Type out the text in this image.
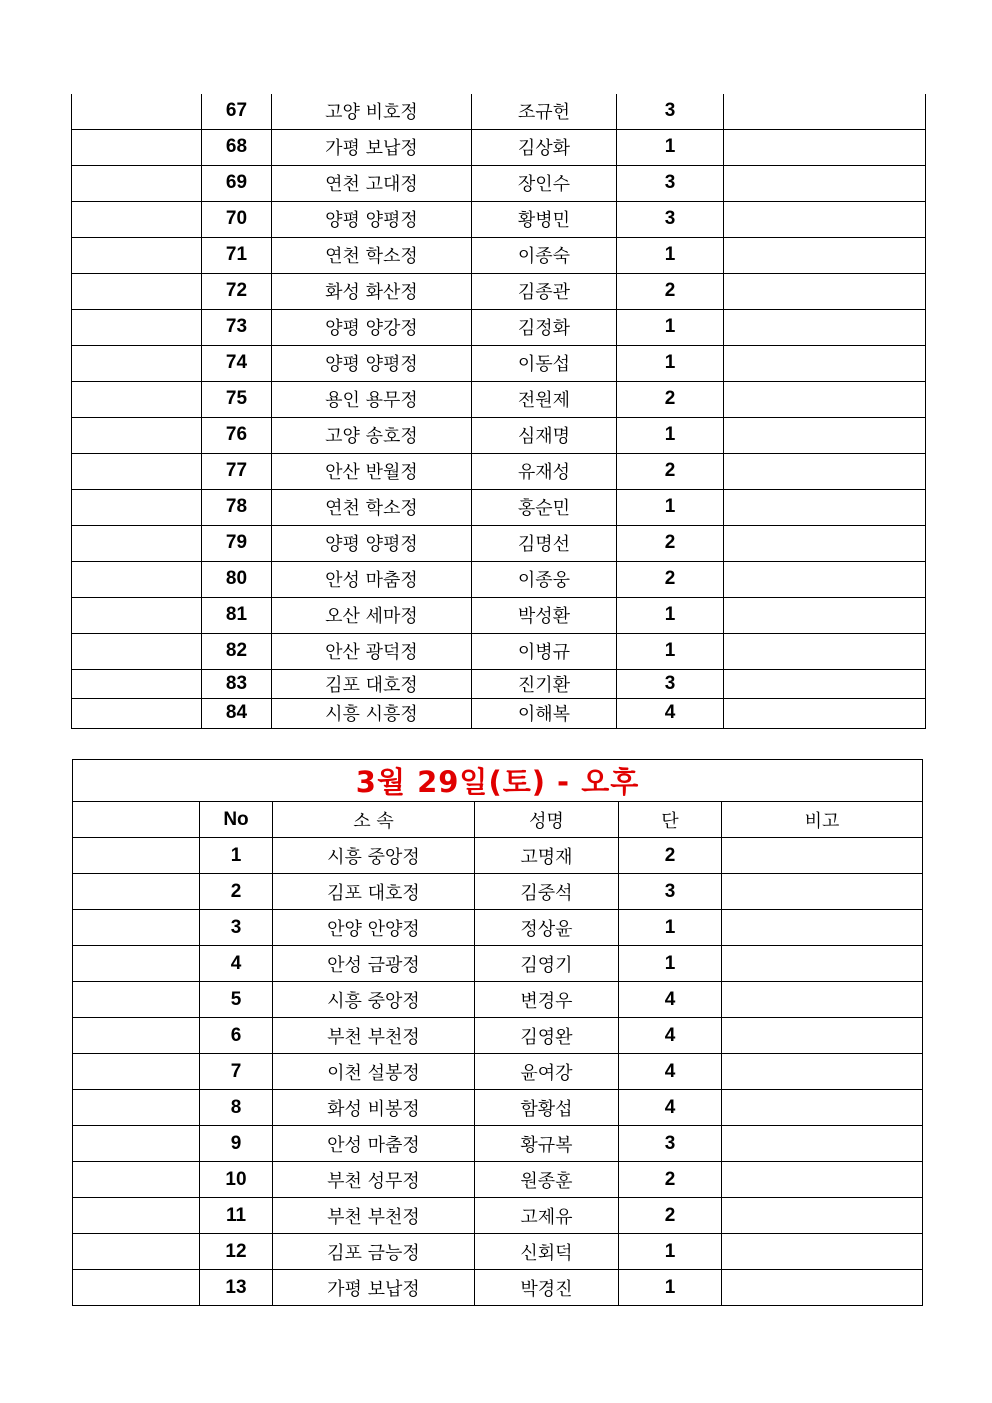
	67	고양 비호정	조규헌	3	
	68	가평 보납정	김상화	1	
	69	연천 고대정	장인수	3	
	70	양평 양평정	황병민	3	
	71	연천 학소정	이종숙	1	
	72	화성 화산정	김종관	2	
	73	양평 양강정	김정화	1	
	74	양평 양평정	이동섭	1	
	75	용인 용무정	전원제	2	
	76	고양 송호정	심재명	1	
	77	안산 반월정	유재성	2	
	78	연천 학소정	홍순민	1	
	79	양평 양평정	김명선	2	
	80	안성 마춤정	이종웅	2	
	81	오산 세마정	박성환	1	
	82	안산 광덕정	이병규	1	
	83	김포 대호정	진기환	3	
	84	시흥 시흥정	이해복	4	
3월 29일(토) - 오후					
	No	소 속	성명	단	비고
	1	시흥 중앙정	고명재	2	
	2	김포 대호정	김중석	3	
	3	안양 안양정	정상윤	1	
	4	안성 금광정	김영기	1	
	5	시흥 중앙정	변경우	4	
	6	부천 부천정	김영완	4	
	7	이천 설봉정	윤여강	4	
	8	화성 비봉정	함황섭	4	
	9	안성 마춤정	황규복	3	
	10	부천 성무정	원종훈	2	
	11	부천 부천정	고제유	2	
	12	김포 금능정	신회덕	1	
	13	가평 보납정	박경진	1	
